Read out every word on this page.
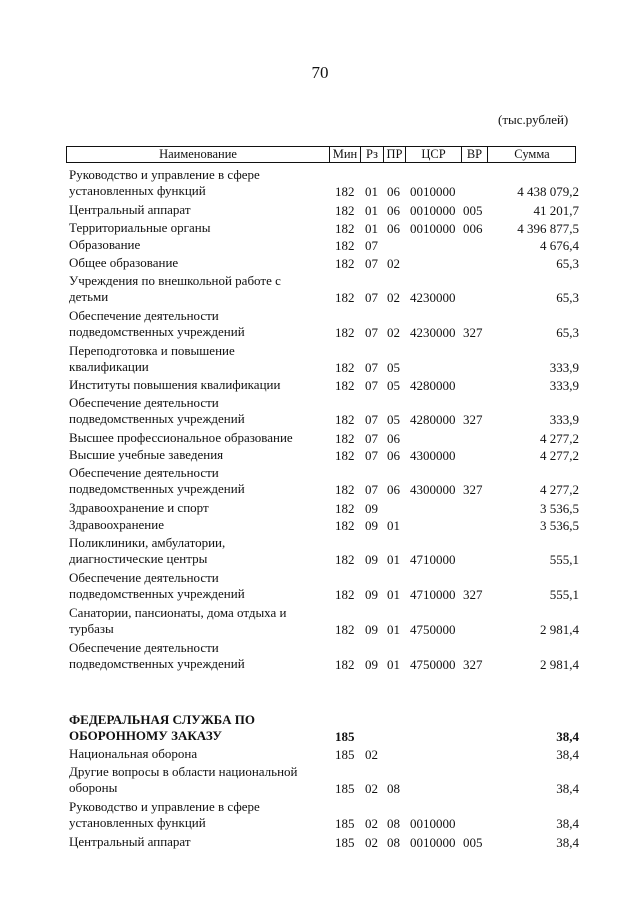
70
(тыс.рублей)
Наименование	Мин Рз ПР	ЦСР	ВР	Сумма
Руководство и управление в сфере
установленных функций	182 01 06 0010000	4 438 079,2
Центральный аппарат	182 01 06 0010000 005	41 201,7
Территориальные органы	182 01 06 0010000 006	4 396 877,5
Образование	182 07	4 676,4
Общее образование	182 07 02	65,3
Учреждения по внешкольной работе с
детьми	182 07 02 4230000	65,3
Обеспечение деятельности
подведомственных учреждений	182 07 02 4230000 327	65,3
Переподготовка и повышение
квалификации	182 07 05	333,9
Институты повышения квалификации	182 07 05 4280000	333,9
Обеспечение деятельности
подведомственных учреждений	182 07 05 4280000 327	333,9
Высшее профессиональное образование	182 07 06	4 277,2
Высшие учебные заведения	182 07 06 4300000	4 277,2
Обеспечение деятельности
подведомственных учреждений	182 07 06 4300000 327	4 277,2
Здравоохранение и спорт	182 09	3 536,5
Здравоохранение	182 09 01	3 536,5
Поликлиники, амбулатории,
диагностические центры	182 09 01 4710000	555,1
Обеспечение деятельности
подведомственных учреждений	182 09 01 4710000 327	555,1
Санатории, пансионаты, дома отдыха и
турбазы	182 09 01 4750000	2 981,4
Обеспечение деятельности
подведомственных учреждений	182 09 01 4750000 327	2 981,4
ФЕДЕРАЛЬНАЯ СЛУЖБА ПО
ОБОРОННОМУ ЗАКАЗУ	185	38,4
Национальная оборона	185 02	38,4
Другие вопросы в области национальной
обороны	185 02 08	38,4
Руководство и управление в сфере
установленных функций	185 02 08 0010000	38,4
Центральный аппарат	185 02 08 0010000 005	38,4
